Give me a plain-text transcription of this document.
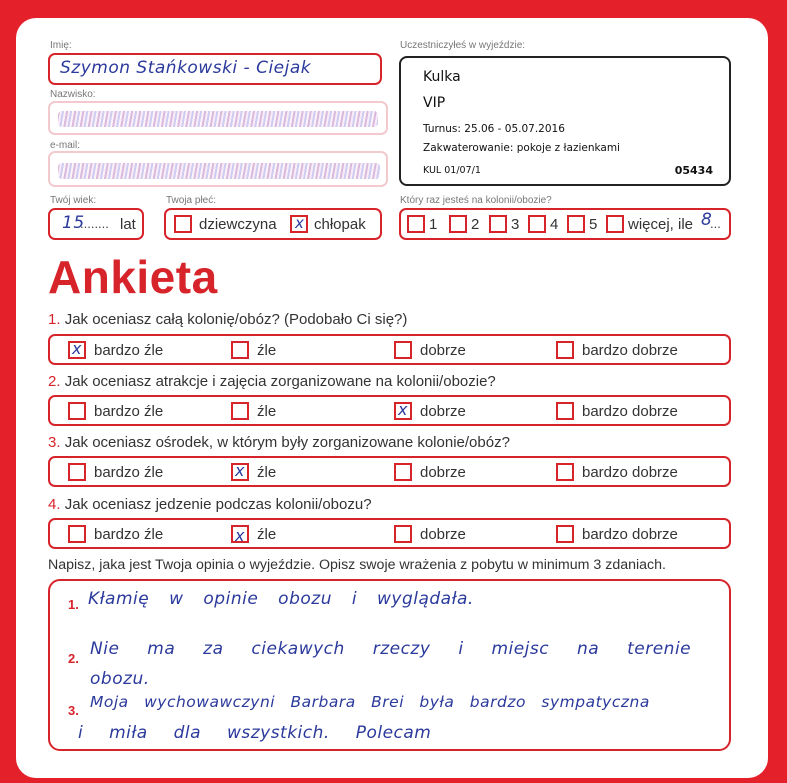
Imię:
Szymon Stańkowski - Ciejak
Nazwisko:
e-mail:
Twój wiek:
15
........ lat
Twoja płeć:
dziewczyna x chłopak
Uczestniczyłeś w wyjeździe:
Kulka
VIP
Turnus: 25.06 - 05.07.2016
Zakwaterowanie: pokoje z łazienkami
KUL 01/07/1	05434
Który raz jesteś na kolonii/obozie?
1 2 3 4 5 więcej, ile 8
...
Ankieta
1. Jak oceniasz całą kolonię/obóz? (Podobało Ci się?)
x bardzo źle	źle	dobrze	bardzo dobrze
2. Jak oceniasz atrakcje i zajęcia zorganizowane na kolonii/obozie?
bardzo źle	źle	x dobrze	bardzo dobrze
3. Jak oceniasz ośrodek, w którym były zorganizowane kolonie/obóz?
bardzo źle	x źle	dobrze	bardzo dobrze
4. Jak oceniasz jedzenie podczas kolonii/obozu?
bardzo źle	x źle	dobrze	bardzo dobrze
Napisz, jaka jest Twoja opinia o wyjeździe. Opisz swoje wrażenia z pobytu w minimum 3 zdaniach.
1. Kłamię w opinie obozu i wyglądała.
2. Nie ma za ciekawych rzeczy i miejsc na terenie
obozu.
3. Moja wychowawczyni Barbara Brei była bardzo sympatyczna
i miła dla wszystkich. Polecam
